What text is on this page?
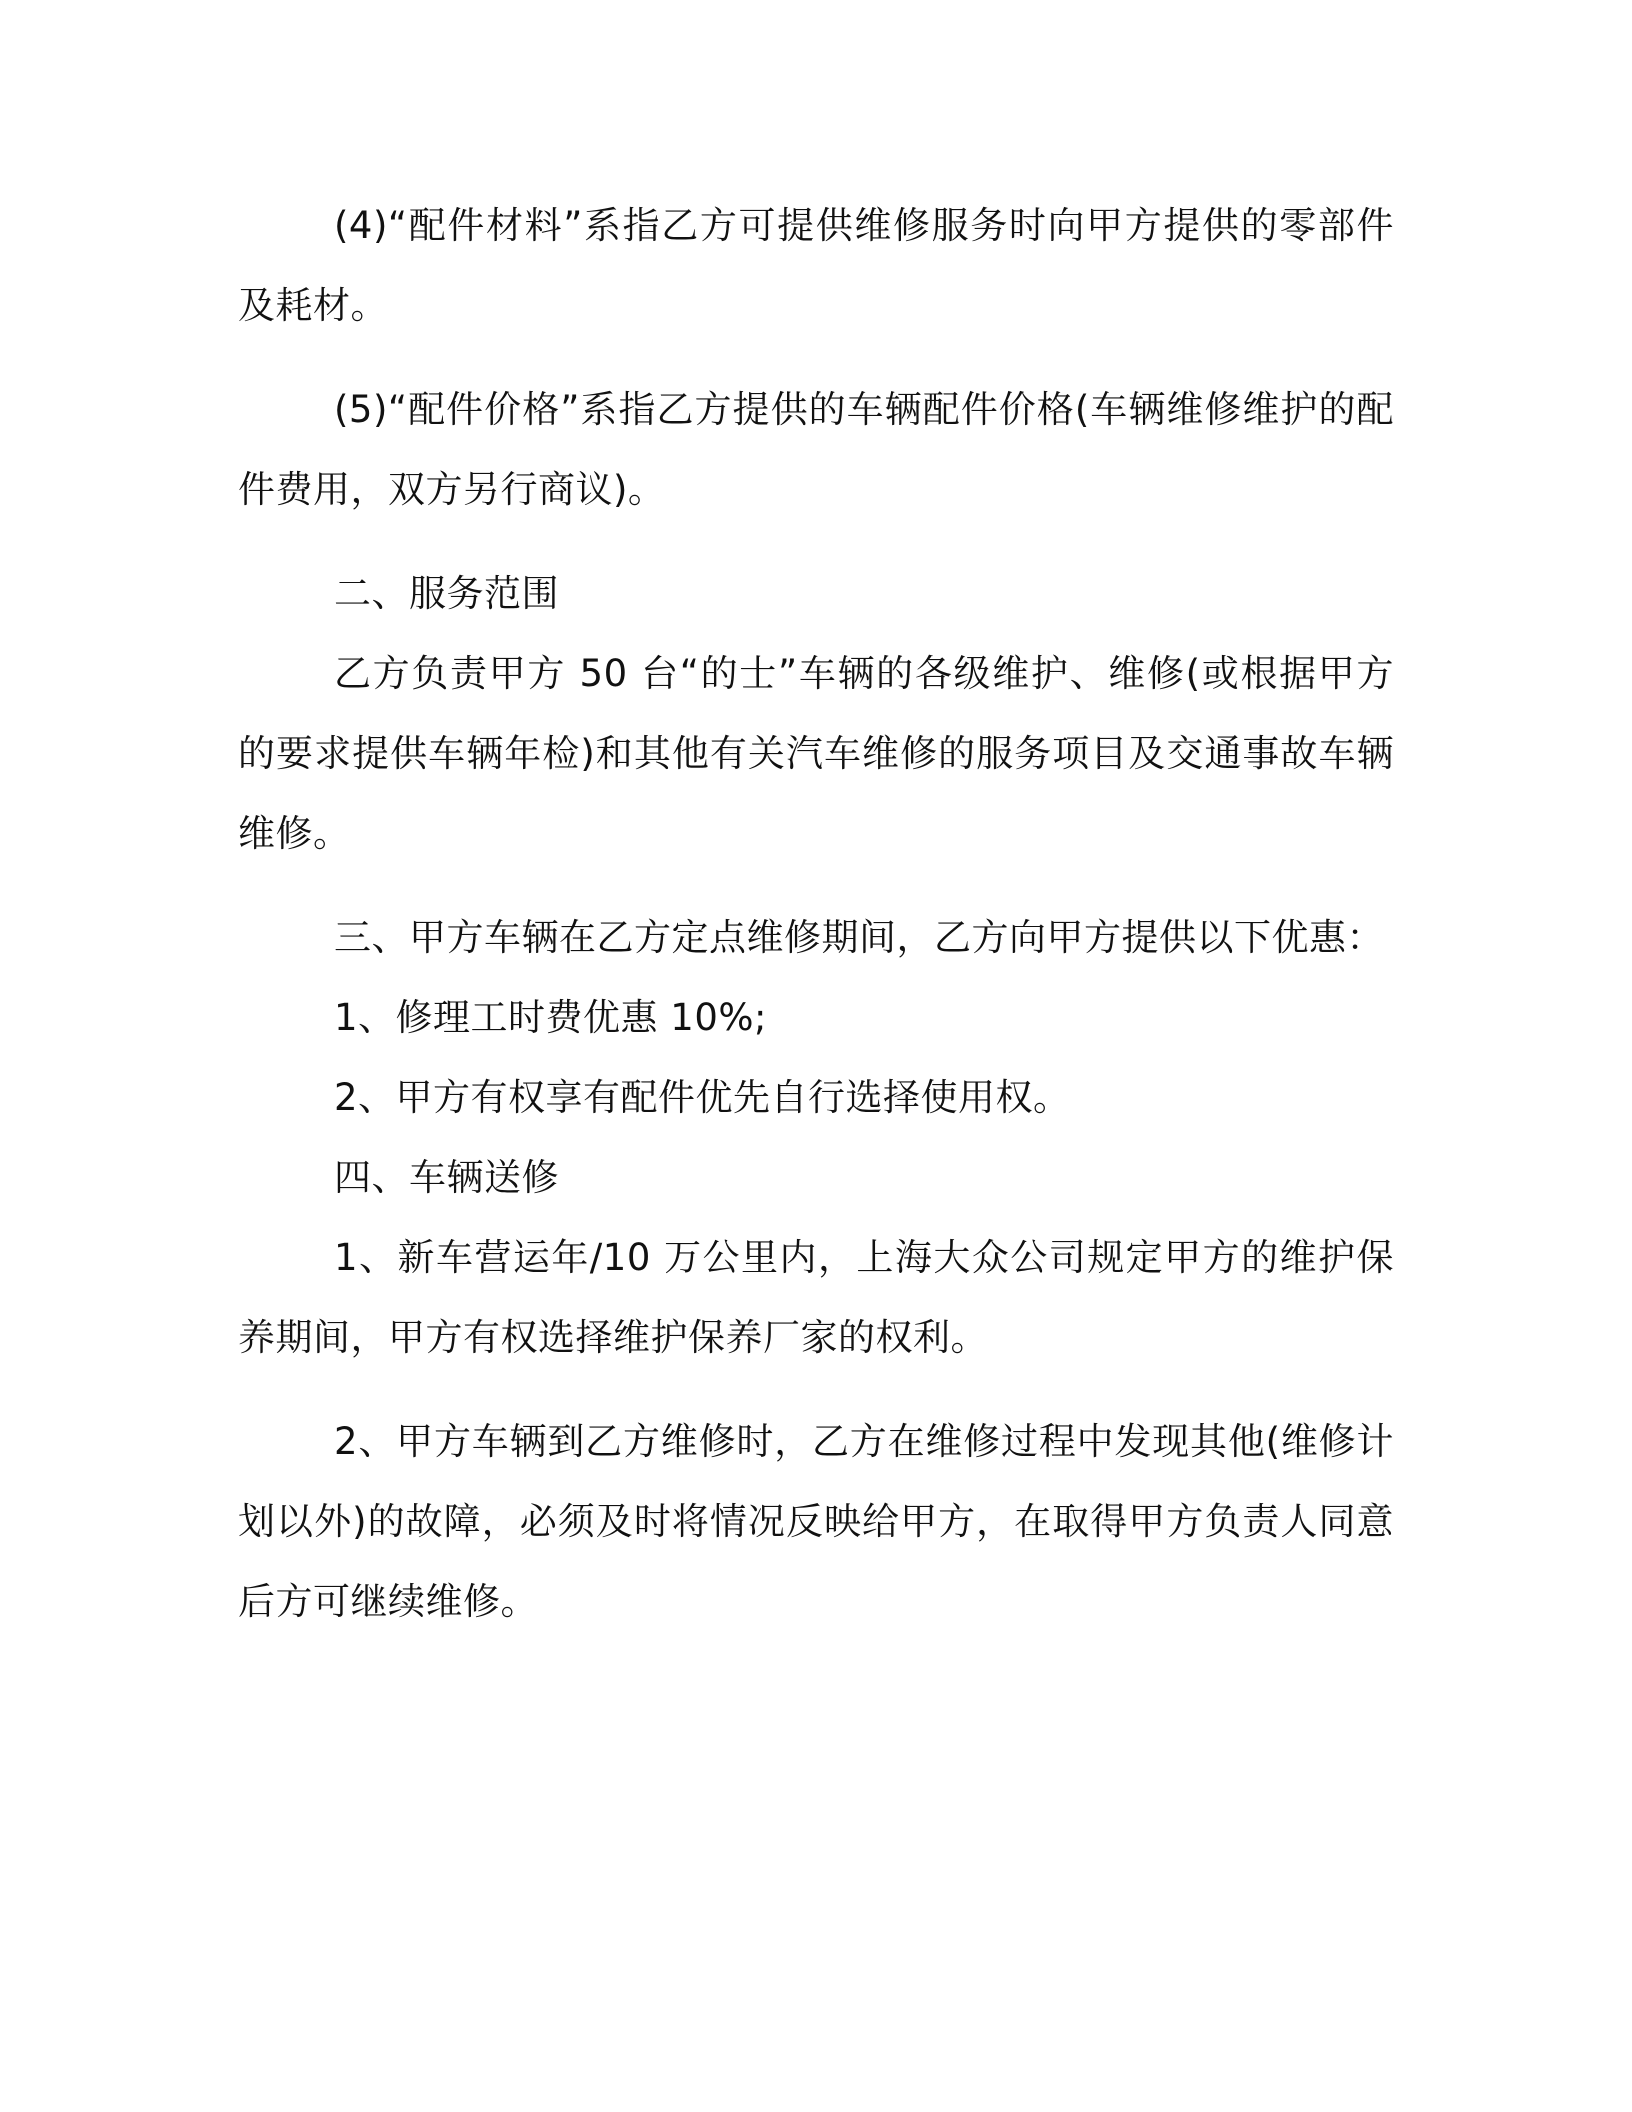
(4)“配件材料”系指乙方可提供维修服务时向甲方提供的零部件及耗材。

(5)“配件价格”系指乙方提供的车辆配件价格(车辆维修维护的配件费用，双方另行商议)。

二、服务范围

乙方负责甲方 50 台“的士”车辆的各级维护、维修(或根据甲方的要求提供车辆年检)和其他有关汽车维修的服务项目及交通事故车辆维修。

三、甲方车辆在乙方定点维修期间，乙方向甲方提供以下优惠：

1、修理工时费优惠 10%;

2、甲方有权享有配件优先自行选择使用权。

四、车辆送修

1、新车营运年/10 万公里内，上海大众公司规定甲方的维护保养期间，甲方有权选择维护保养厂家的权利。

2、甲方车辆到乙方维修时，乙方在维修过程中发现其他(维修计划以外)的故障，必须及时将情况反映给甲方，在取得甲方负责人同意后方可继续维修。
